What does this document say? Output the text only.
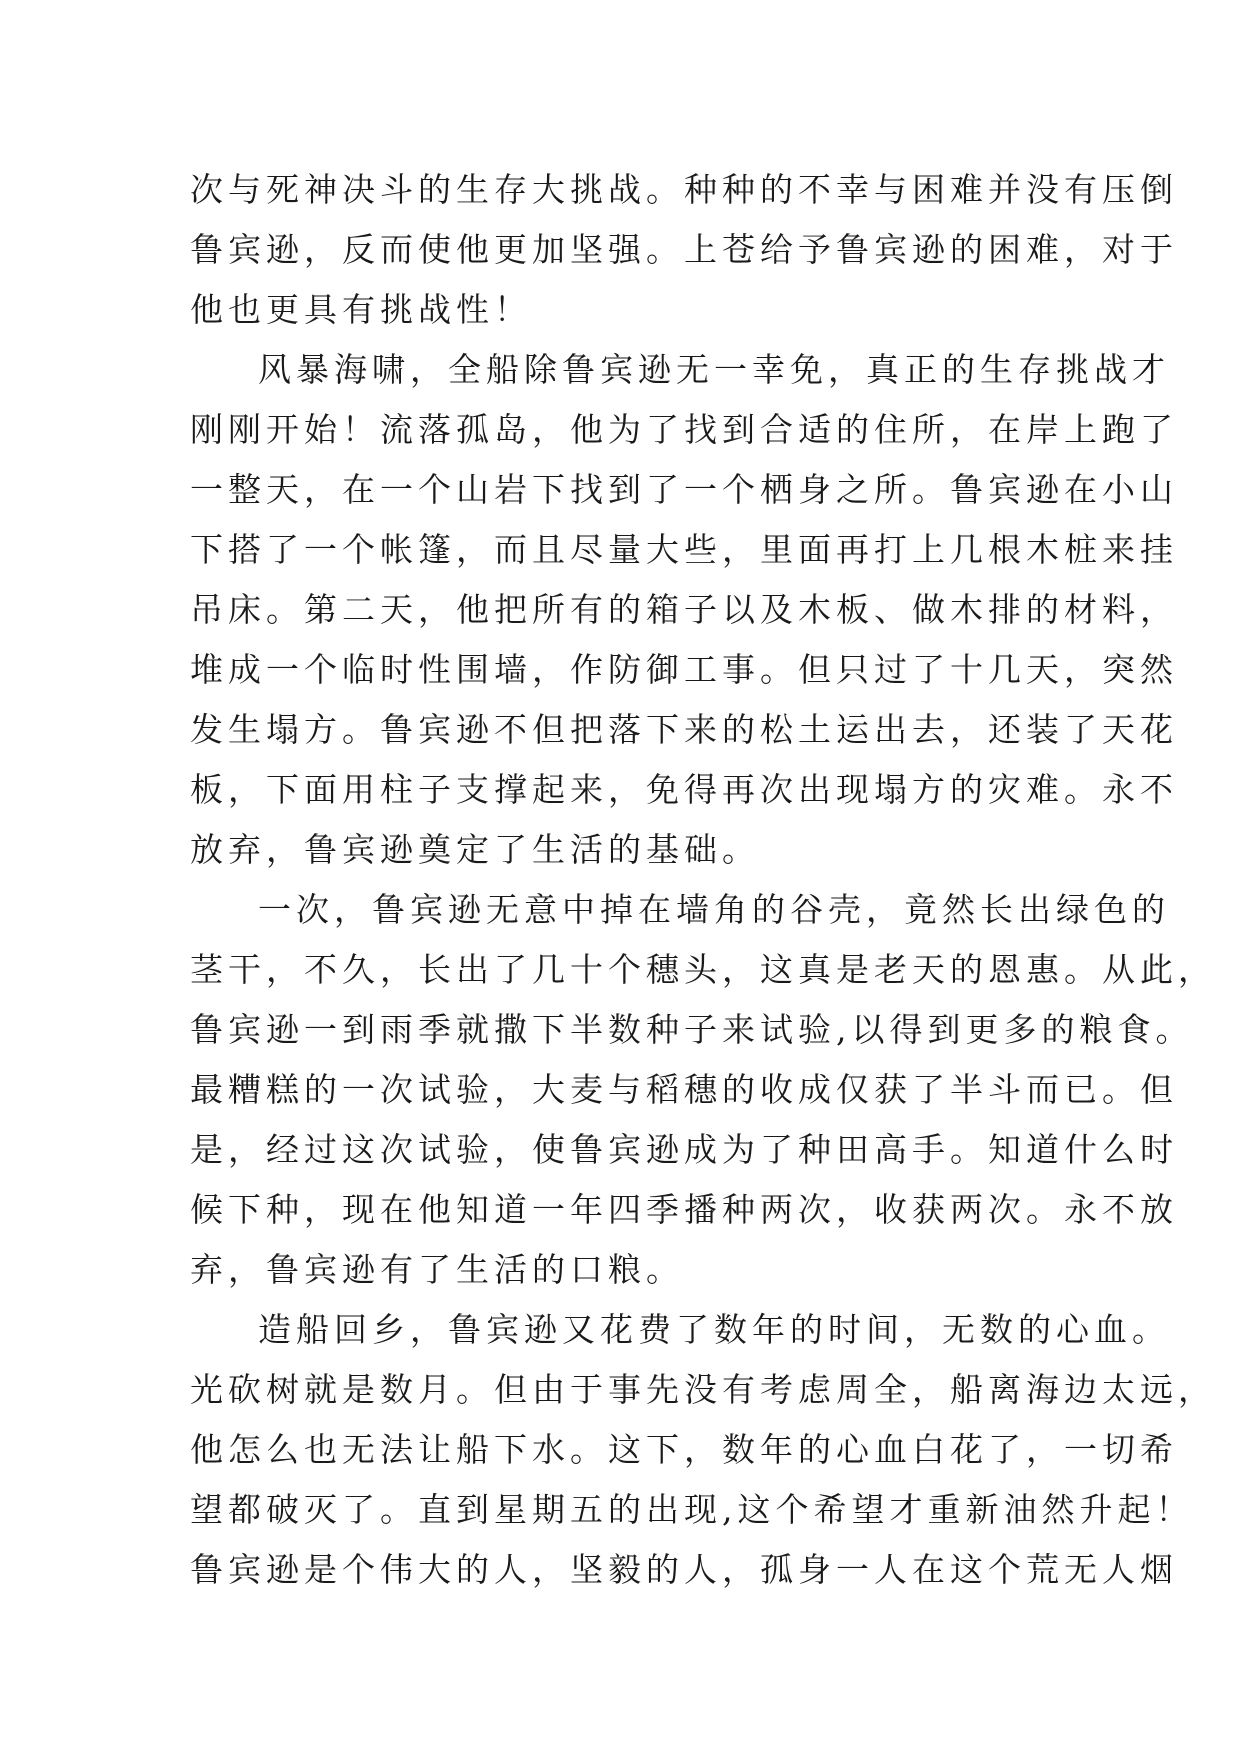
次与死神决斗的生存大挑战。种种的不幸与困难并没有压倒
鲁宾逊，反而使他更加坚强。上苍给予鲁宾逊的困难，对于
他也更具有挑战性！
风暴海啸，全船除鲁宾逊无一幸免，真正的生存挑战才
刚刚开始！流落孤岛，他为了找到合适的住所，在岸上跑了
一整天，在一个山岩下找到了一个栖身之所。鲁宾逊在小山
下搭了一个帐篷，而且尽量大些，里面再打上几根木桩来挂
吊床。第二天，他把所有的箱子以及木板、做木排的材料，
堆成一个临时性围墙，作防御工事。但只过了十几天，突然
发生塌方。鲁宾逊不但把落下来的松土运出去，还装了天花
板，下面用柱子支撑起来，免得再次出现塌方的灾难。永不
放弃，鲁宾逊奠定了生活的基础。
一次，鲁宾逊无意中掉在墙角的谷壳，竟然长出绿色的
茎干，不久，长出了几十个穗头，这真是老天的恩惠。从此，
鲁宾逊一到雨季就撒下半数种子来试验,以得到更多的粮食。
最糟糕的一次试验，大麦与稻穗的收成仅获了半斗而已。但
是，经过这次试验，使鲁宾逊成为了种田高手。知道什么时
候下种，现在他知道一年四季播种两次，收获两次。永不放
弃，鲁宾逊有了生活的口粮。
造船回乡，鲁宾逊又花费了数年的时间，无数的心血。
光砍树就是数月。但由于事先没有考虑周全，船离海边太远，
他怎么也无法让船下水。这下，数年的心血白花了，一切希
望都破灭了。直到星期五的出现,这个希望才重新油然升起！
鲁宾逊是个伟大的人，坚毅的人，孤身一人在这个荒无人烟
